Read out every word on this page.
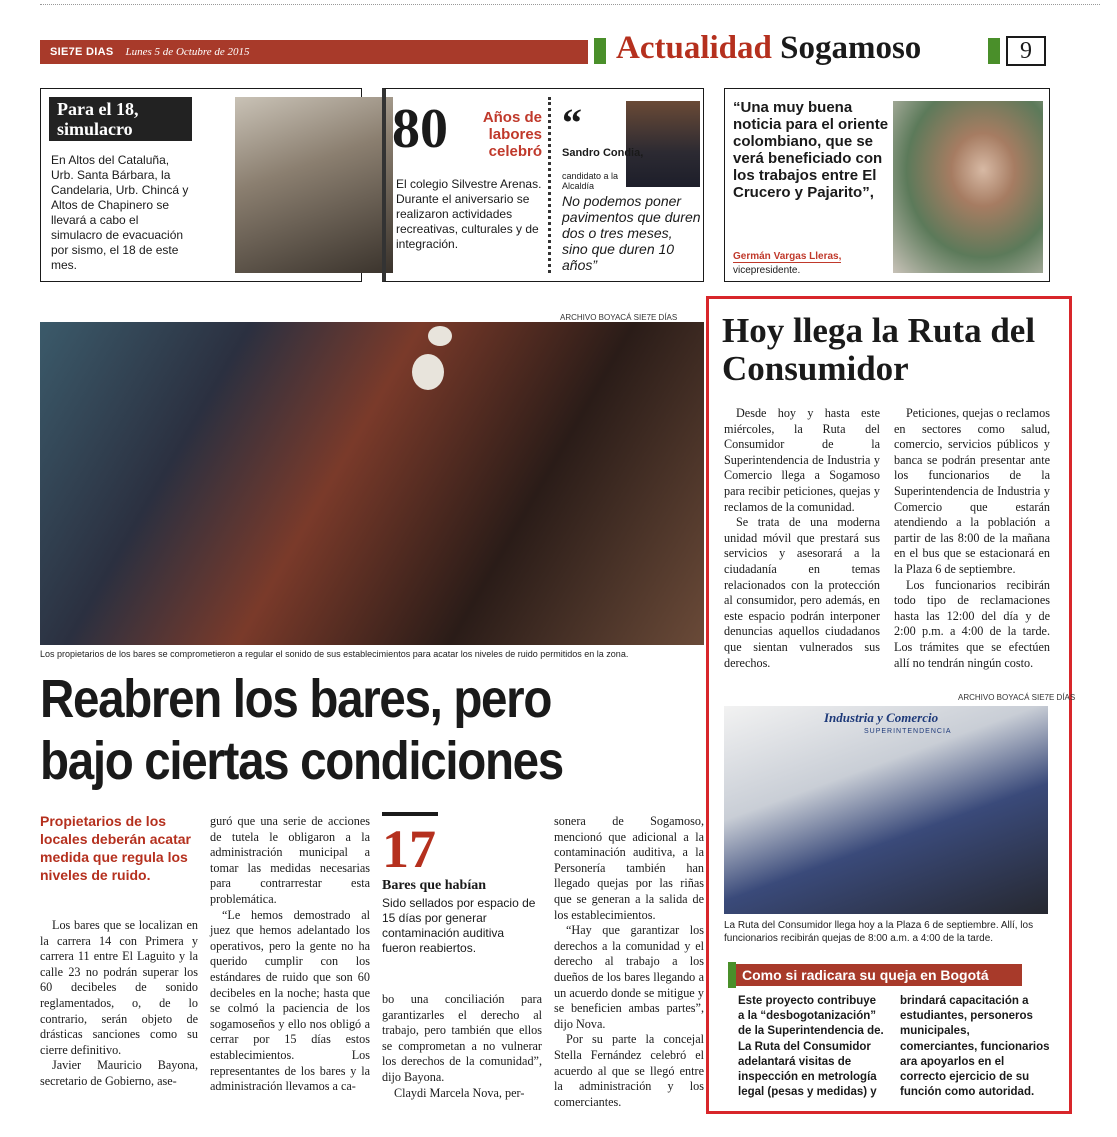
SIE7E DIAS Lunes 5 de Octubre de 2015	Actualidad Sogamoso	9
Para el 18, simulacro
En Altos del Cataluña, Urb. Santa Bárbara, la Candelaria, Urb. Chincá y Altos de Chapinero se llevará a cabo el simulacro de evacuación por sismo, el 18 de este mes.
80	Años de labores celebró
El colegio Silvestre Arenas. Durante el aniversario se realizaron actividades recreativas, culturales y de integración.
“
Sandro Condia,
candidato a la Alcaldía
No podemos poner pavimentos que duren dos o tres meses, sino que duren 10 años”
“Una muy buena noticia para el oriente colombiano, que se verá beneficiado con los trabajos entre El Crucero y Pajarito”,
Germán Vargas Lleras,
vicepresidente.
ARCHIVO BOYACÁ SIE7E DÍAS
Los propietarios de los bares se comprometieron a regular el sonido de sus establecimientos para acatar los niveles de ruido permitidos en la zona.
Reabren los bares, pero bajo ciertas condiciones
Propietarios de los locales deberán acatar medida que regula los niveles de ruido.

Los bares que se localizan en la carrera 14 con Primera y carrera 11 entre El Laguito y la calle 23 no podrán superar los 60 decibeles de sonido reglamentados, o, de lo contrario, serán objeto de drásticas sanciones como su cierre definitivo.

Javier Mauricio Bayona, secretario de Gobierno, ase-

guró que una serie de acciones de tutela le obligaron a la administración municipal a tomar las medidas necesarias para contrarrestar esta problemática.

“Le hemos demostrado al juez que hemos adelantado los operativos, pero la gente no ha querido cumplir con los estándares de ruido que son 60 decibeles en la noche; hasta que se colmó la paciencia de los sogamoseños y ello nos obligó a cerrar por 15 días estos establecimientos. Los representantes de los bares y la administración llevamos a ca-

17
Bares que habían
Sido sellados por espacio de 15 días por generar contaminación auditiva fueron reabiertos.

bo una conciliación para garantizarles el derecho al trabajo, pero también que ellos se comprometan a no vulnerar los derechos de la comunidad”, dijo Bayona.

Claydi Marcela Nova, per-

sonera de Sogamoso, mencionó que adicional a la contaminación auditiva, a la Personería también han llegado quejas por las riñas que se generan a la salida de los establecimientos.

“Hay que garantizar los derechos a la comunidad y el derecho al trabajo a los dueños de los bares llegando a un acuerdo donde se mitigue y se beneficien ambas partes”, dijo Nova.

Por su parte la concejal Stella Fernández celebró el acuerdo al que se llegó entre la administración y los comerciantes.

Hoy llega la Ruta del Consumidor

Desde hoy y hasta este miércoles, la Ruta del Consumidor de la Superintendencia de Industria y Comercio llega a Sogamoso para recibir peticiones, quejas y reclamos de la comunidad.

Se trata de una moderna unidad móvil que prestará sus servicios y asesorará a la ciudadanía en temas relacionados con la protección al consumidor, pero además, en este espacio podrán interponer denuncias aquellos ciudadanos que sientan vulnerados sus derechos.

Peticiones, quejas o reclamos en sectores como salud, comercio, servicios públicos y banca se podrán presentar ante los funcionarios de la Superintendencia de Industria y Comercio que estarán atendiendo a la población a partir de las 8:00 de la mañana en el bus que se estacionará en la Plaza 6 de septiembre.

Los funcionarios recibirán todo tipo de reclamaciones hasta las 12:00 del día y de 2:00 p.m. a 4:00 de la tarde. Los trámites que se efectúen allí no tendrán ningún costo.

ARCHIVO BOYACÁ SIE7E DÍAS
Industria y Comercio
SUPERINTENDENCIA
La Ruta del Consumidor llega hoy a la Plaza 6 de septiembre. Allí, los funcionarios recibirán quejas de 8:00 a.m. a 4:00 de la tarde.
Como si radicara su queja en Bogotá
Este proyecto contribuye a la “desbogotanización” de la Superintendencia de. La Ruta del Consumidor adelantará visitas de inspección en metrología legal (pesas y medidas) y
brindará capacitación a estudiantes, personeros municipales, comerciantes, funcionarios ara apoyarlos en el correcto ejercicio de su función como autoridad.
